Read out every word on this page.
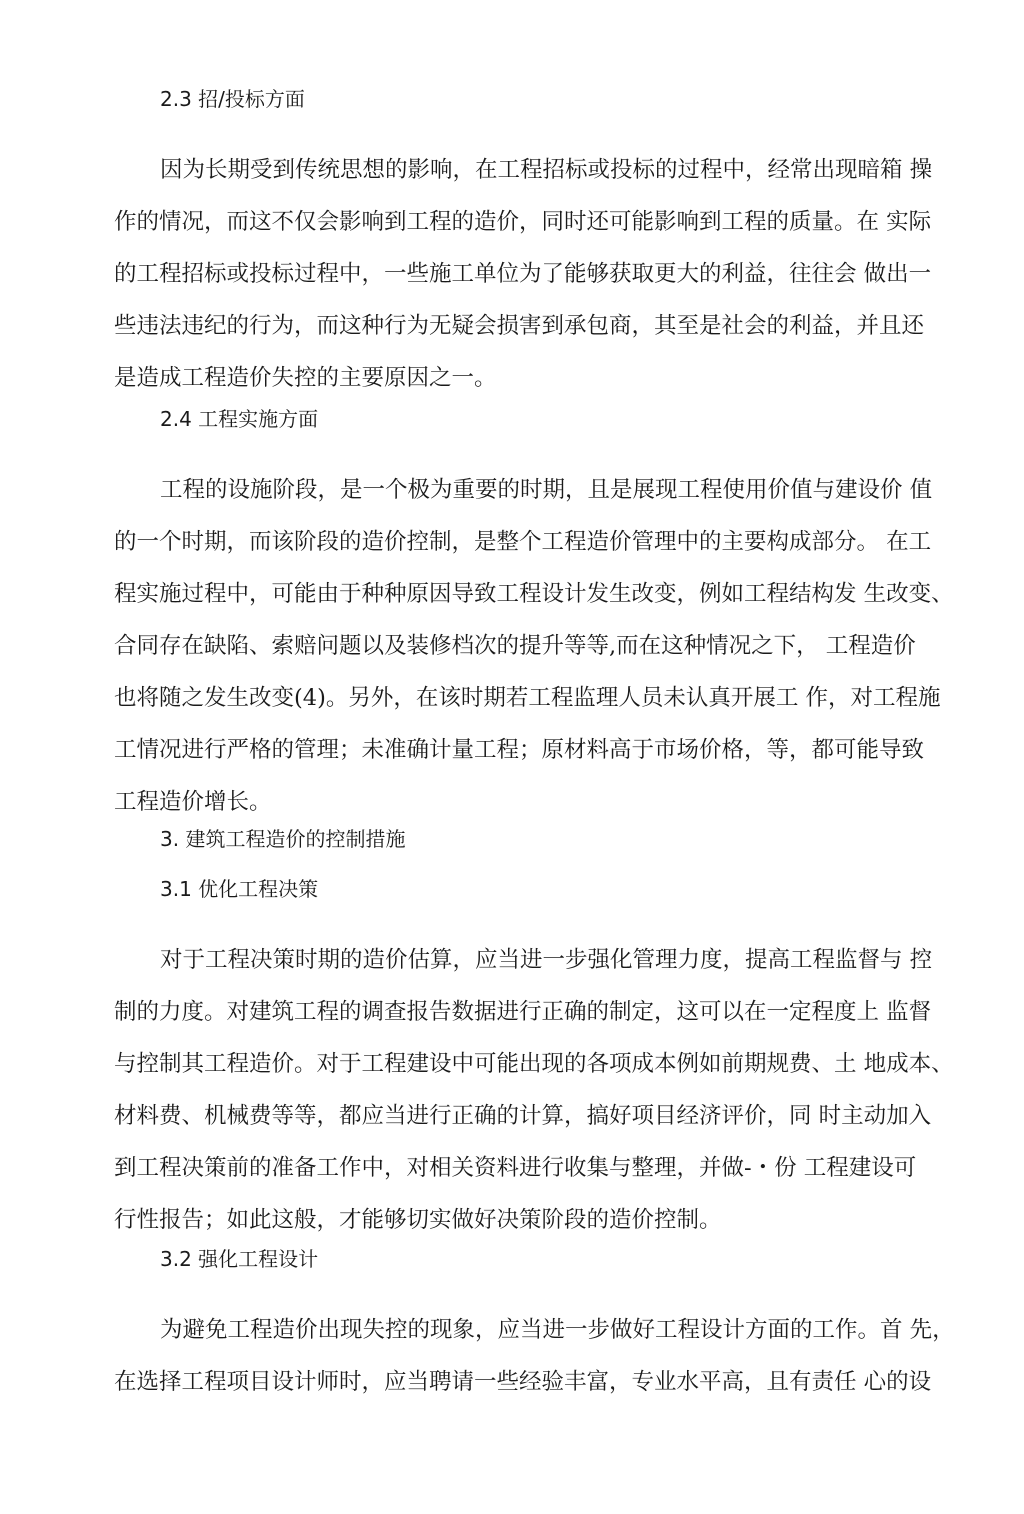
2.3 招/投标方面
因为长期受到传统思想的影响，在工程招标或投标的过程中，经常出现暗箱 操
作的情况，而这不仅会影响到工程的造价，同时还可能影响到工程的质量。在 实际
的工程招标或投标过程中，一些施工单位为了能够获取更大的利益，往往会 做出一
些违法违纪的行为，而这种行为无疑会损害到承包商，其至是社会的利益，并且还
是造成工程造价失控的主要原因之一。
2.4 工程实施方面
工程的设施阶段，是一个极为重要的时期，且是展现工程使用价值与建设价 值
的一个时期，而该阶段的造价控制，是整个工程造价管理中的主要构成部分。 在工
程实施过程中，可能由于种种原因导致工程设计发生改变，例如工程结构发 生改变、
合同存在缺陷、索赔问题以及装修档次的提升等等,而在这种情况之下， 工程造价
也将随之发生改变(4)。另外，在该时期若工程监理人员未认真开展工 作，对工程施
工情况进行严格的管理；未准确计量工程；原材料高于市场价格，等，都可能导致
工程造价增长。
3. 建筑工程造价的控制措施
3.1 优化工程决策
对于工程决策时期的造价估算，应当进一步强化管理力度，提高工程监督与 控
制的力度。对建筑工程的调查报告数据进行正确的制定，这可以在一定程度上 监督
与控制其工程造价。对于工程建设中可能出现的各项成本例如前期规费、土 地成本、
材料费、机械费等等，都应当进行正确的计算，搞好项目经济评价，同 时主动加入
到工程决策前的准备工作中，对相关资料进行收集与整理，并做-・份 工程建设可
行性报告；如此这般，才能够切实做好决策阶段的造价控制。
3.2 强化工程设计
为避免工程造价出现失控的现象，应当进一步做好工程设计方面的工作。首 先，
在选择工程项目设计师时，应当聘请一些经验丰富，专业水平高，且有责任 心的设
